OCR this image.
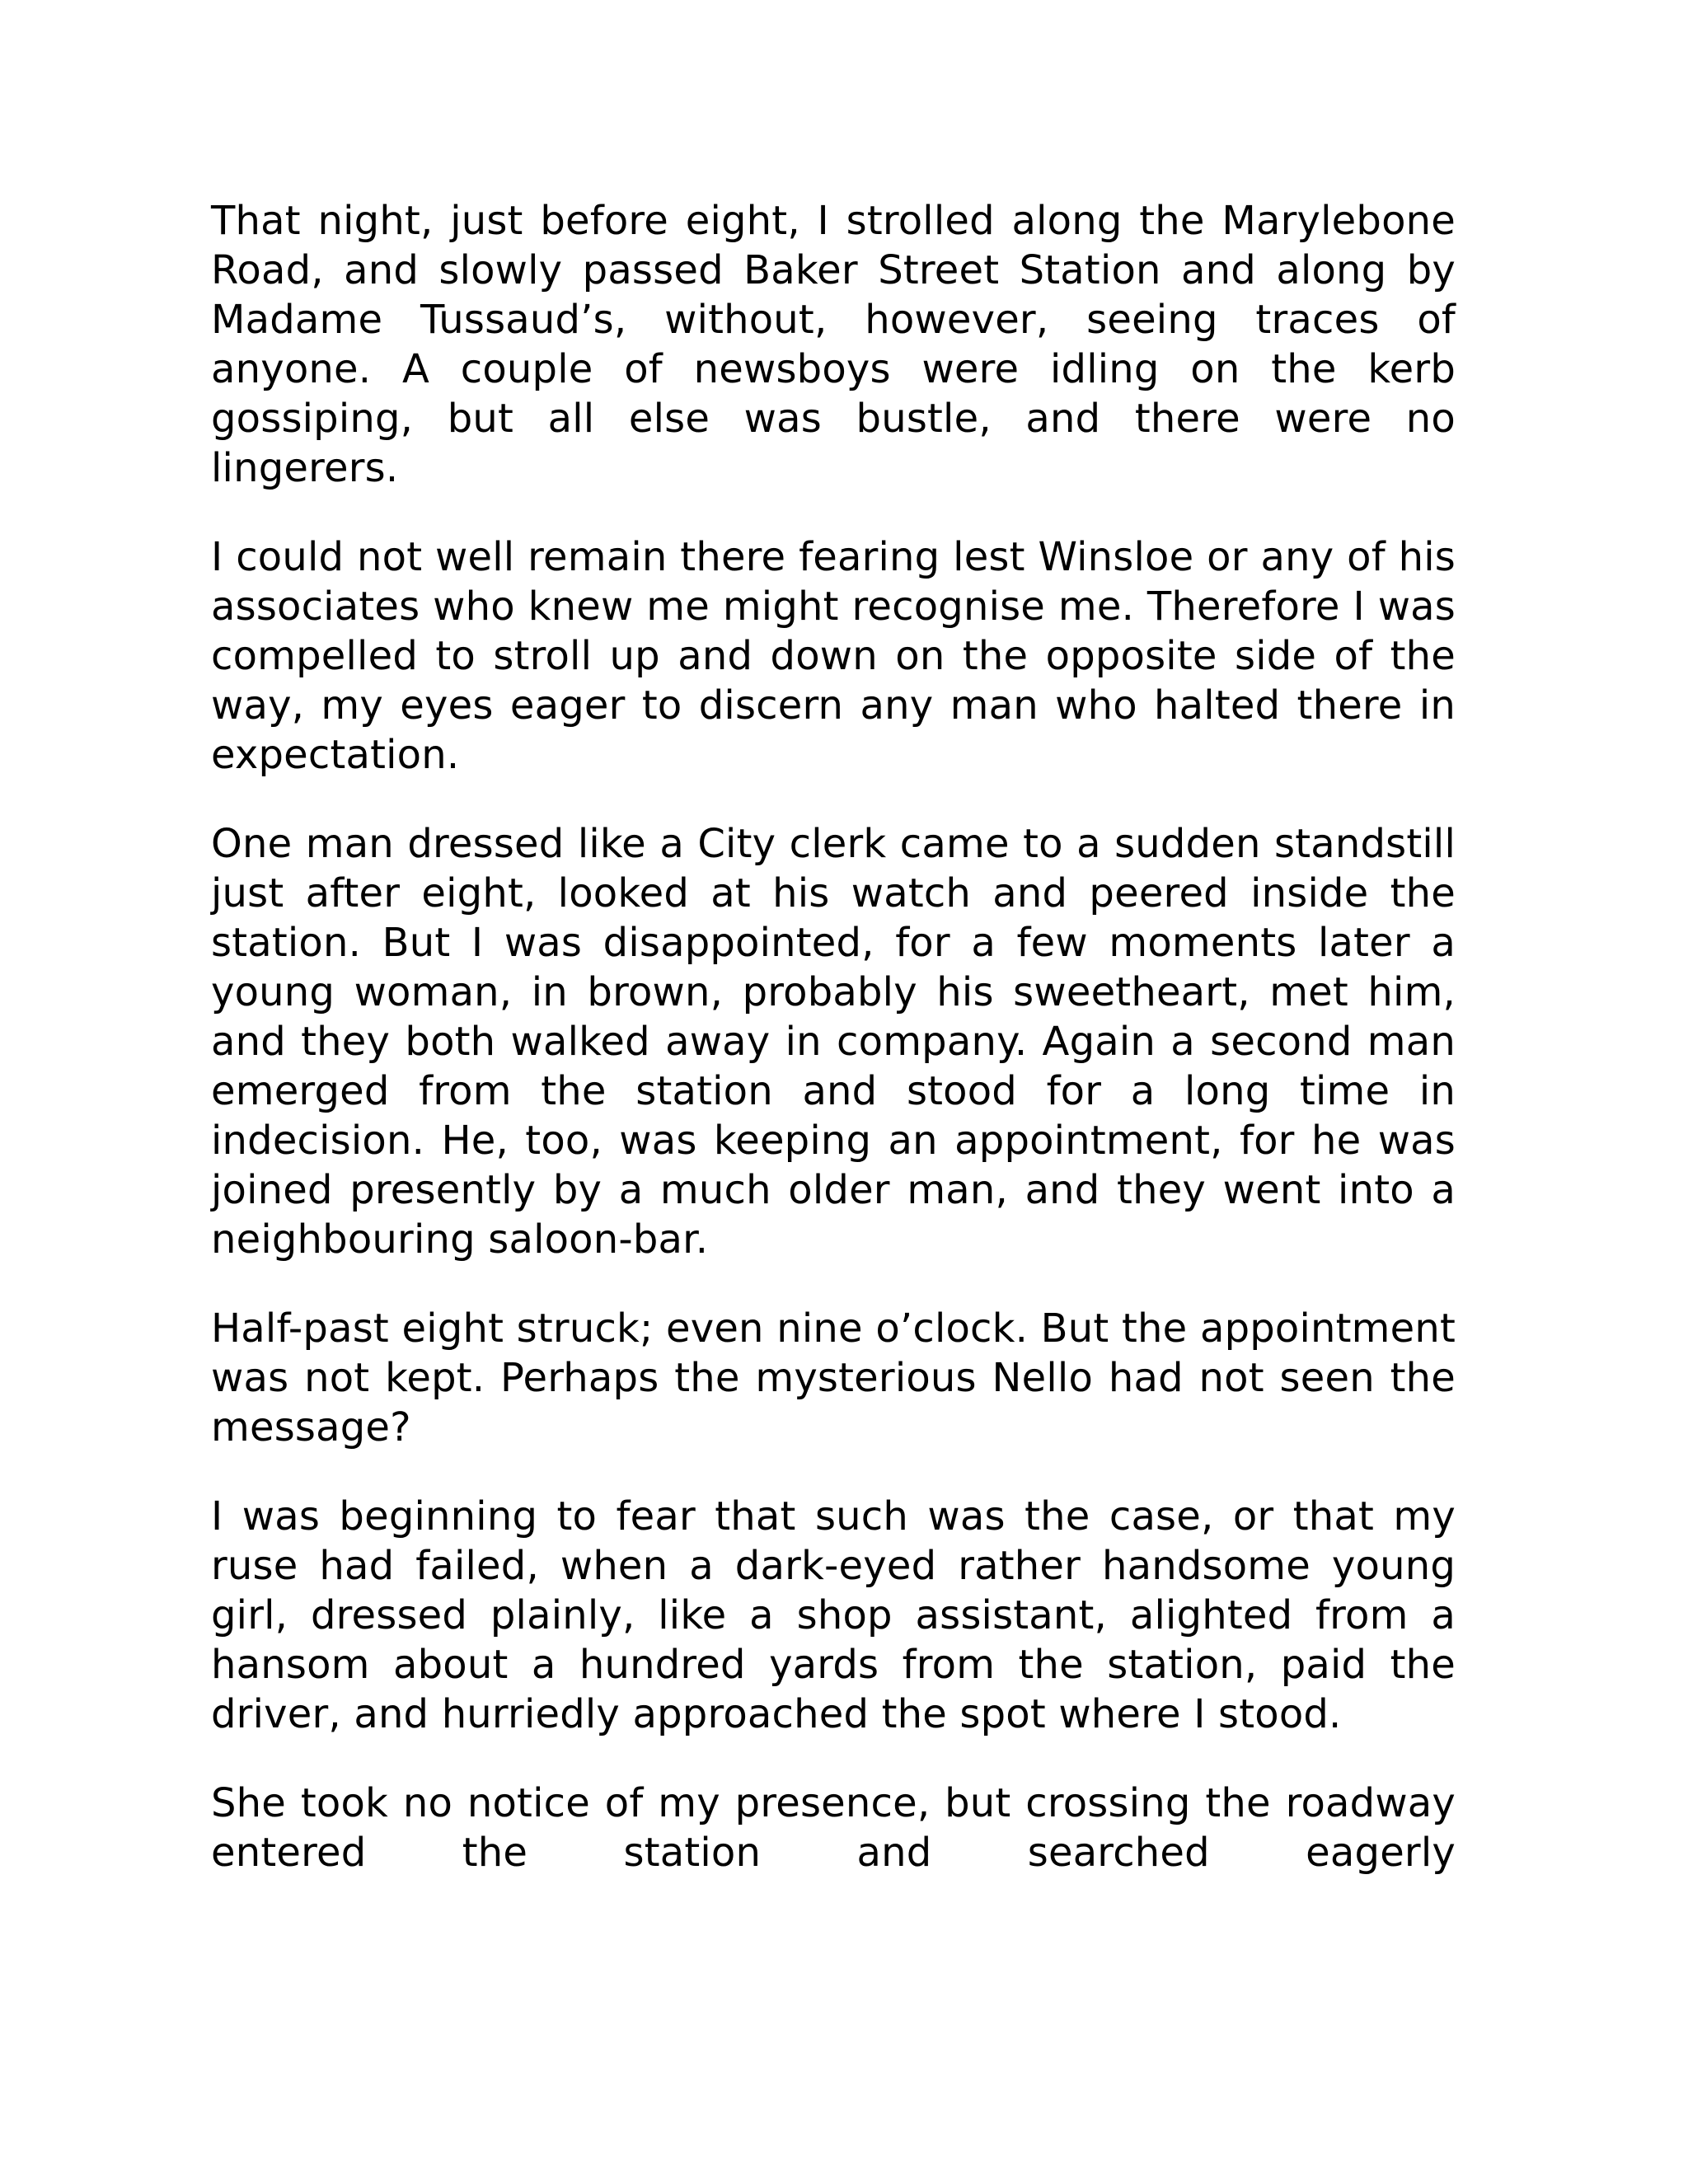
That night, just before eight, I strolled along the Marylebone Road, and slowly passed Baker Street Station and along by Madame Tussaud’s, without, however, seeing traces of anyone. A couple of newsboys were idling on the kerb gossiping, but all else was bustle, and there were no lingerers.

I could not well remain there fearing lest Winsloe or any of his associates who knew me might recognise me. Therefore I was compelled to stroll up and down on the opposite side of the way, my eyes eager to discern any man who halted there in expectation.

One man dressed like a City clerk came to a sudden standstill just after eight, looked at his watch and peered inside the station. But I was disappointed, for a few moments later a young woman, in brown, probably his sweetheart, met him, and they both walked away in company. Again a second man emerged from the station and stood for a long time in indecision. He, too, was keeping an appointment, for he was joined presently by a much older man, and they went into a neighbouring saloon-bar.

Half-past eight struck; even nine o’clock. But the appointment was not kept. Perhaps the mysterious Nello had not seen the message?

I was beginning to fear that such was the case, or that my ruse had failed, when a dark-eyed rather handsome young girl, dressed plainly, like a shop assistant, alighted from a hansom about a hundred yards from the station, paid the driver, and hurriedly approached the spot where I stood.

She took no notice of my presence, but crossing the roadway entered the station and searched eagerly
